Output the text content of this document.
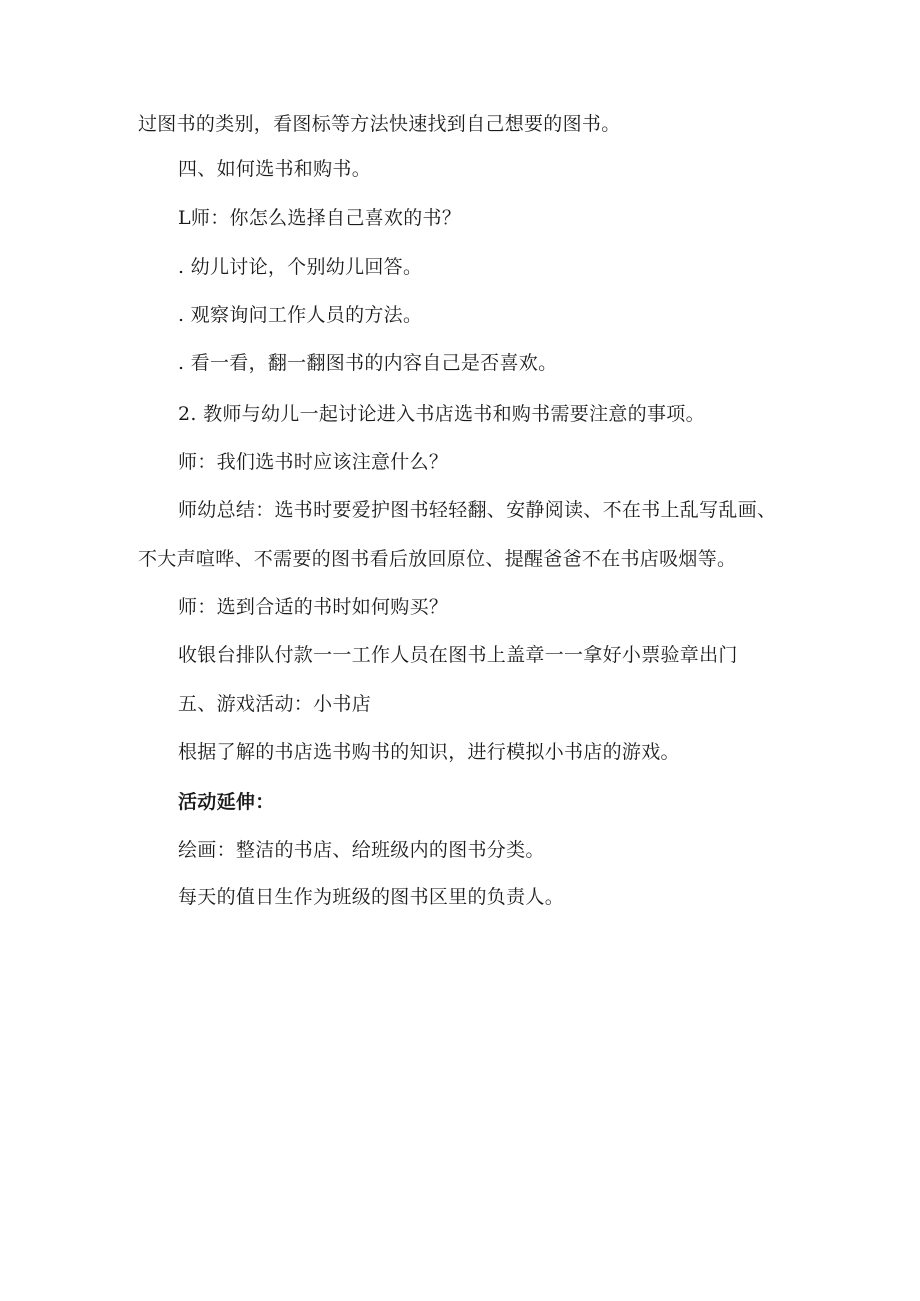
过图书的类别，看图标等方法快速找到自己想要的图书。
四、如何选书和购书。
L师：你怎么选择自己喜欢的书？
. 幼儿讨论，个别幼儿回答。
. 观察询问工作人员的方法。
. 看一看，翻一翻图书的内容自己是否喜欢。
2. 教师与幼儿一起讨论进入书店选书和购书需要注意的事项。
师：我们选书时应该注意什么？
师幼总结：选书时要爱护图书轻轻翻、安静阅读、不在书上乱写乱画、
不大声喧哗、不需要的图书看后放回原位、提醒爸爸不在书店吸烟等。
师：选到合适的书时如何购买？
收银台排队付款一一工作人员在图书上盖章一一拿好小票验章出门
五、游戏活动：小书店
根据了解的书店选书购书的知识，进行模拟小书店的游戏。
活动延伸：
绘画：整洁的书店、给班级内的图书分类。
每天的值日生作为班级的图书区里的负责人。
